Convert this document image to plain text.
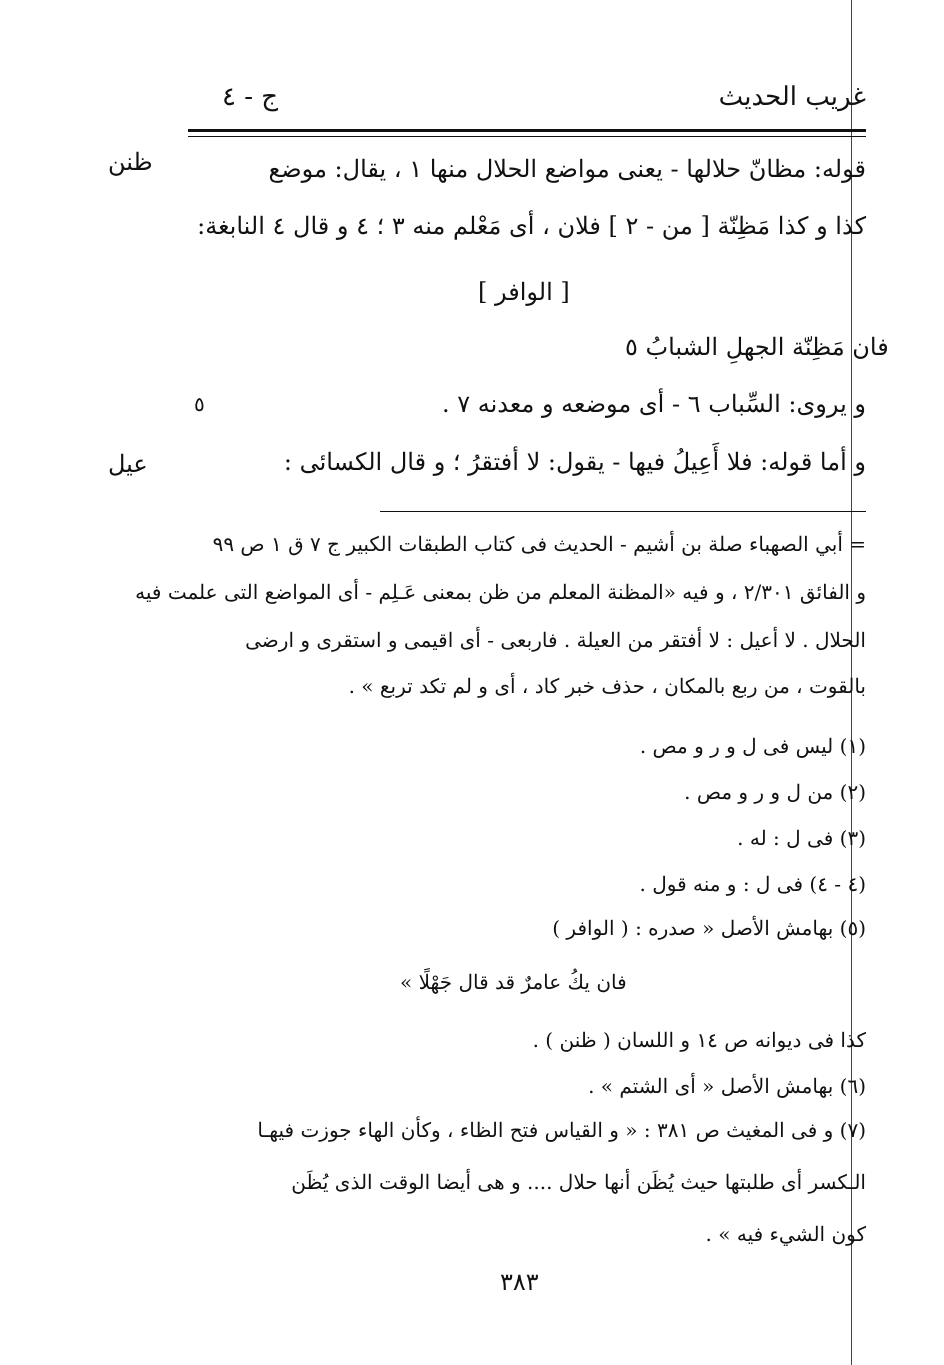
غريب الحديث
ج - ٤
ظنن
عيل
٥
قوله: مظانّ حلالها - يعنى مواضع الحلال منها ١ ، يقال: موضع
كذا و كذا مَظِنّة [ من - ٢ ] فلان ، أى مَعْلم منه ٣ ؛ ٤ و قال ٤ النابغة:
[ الوافر ]
فان مَظِنّة الجهلِ الشبابُ ٥
و يروى: السِّباب ٦ - أى موضعه و معدنه ٧ .
و أما قوله: فلا أَعِيلُ فيها - يقول: لا أفتقرُ ؛ و قال الكسائى :
= أبي الصهباء صلة بن أشيم - الحديث فى كتاب الطبقات الكبير ج ٧ ق ١ ص ٩٩
و الفائق ٢/٣٠١ ، و فيه «المظنة المعلم من ظن بمعنى عَـلِم - أى المواضع التى علمت فيه
الحلال . لا أعيل : لا أفتقر من العيلة . فاربعى - أى اقيمى و استقرى و ارضى
بالقوت ، من ربع بالمكان ، حذف خبر كاد ، أى و لم تكد تربع » .
(١) ليس فى ل و ر و مص .
(٢) من ل و ر و مص .
(٣) فى ل : له .
(٤ - ٤) فى ل : و منه قول .
(٥) بهامش الأصل « صدره : ( الوافر )
فان يكُ عامرٌ قد قال جَهْلًا »
كذا فى ديوانه ص ١٤ و اللسان ( ظنن ) .
(٦) بهامش الأصل « أى الشتم » .
(٧) و فى المغيث ص ٣٨١ : « و القياس فتح الظاء ، وكأن الهاء جوزت فيهـا
الـكسر أى طلبتها حيث يُظَن أنها حلال .... و هى أيضا الوقت الذى يُظَن
كون الشيء فيه » .
٣٨٣
